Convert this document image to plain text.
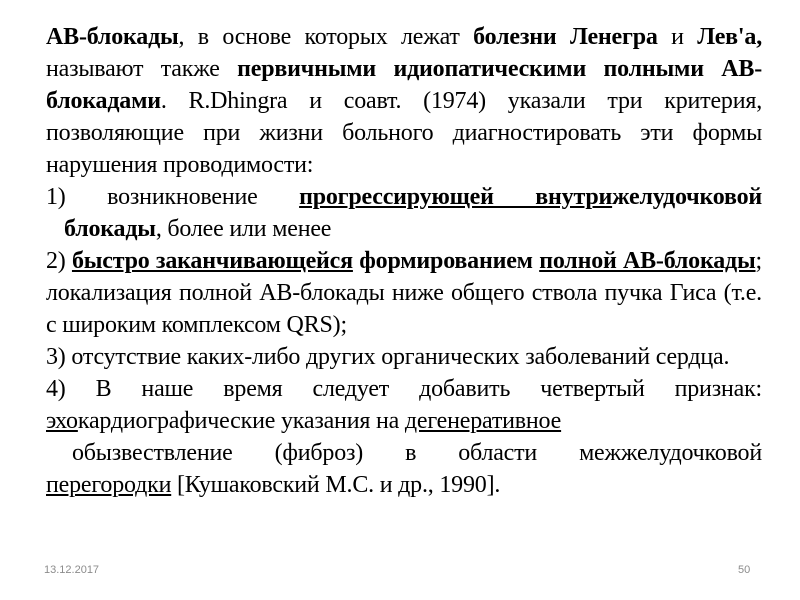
АВ-блокады, в основе которых лежат болезни Ленегра и Лев'а, называют также первичными идиопатическими полными АВ-блокадами. R.Dhingra и соавт. (1974) указали три критерия, позволяющие при жизни больного диагностировать эти формы нарушения проводимости:

1) возникновение прогрессирующей внутрижелудочковой

блокады, более или менее

2) быстро заканчивающейся формированием полной АВ-блокады; локализация полной АВ-блокады ниже общего ствола пучка Гиса (т.е. с широким комплексом QRS);

3) отсутствие каких-либо других органических заболеваний сердца.

4) В наше время следует добавить четвертый признак: эхокардиографические указания на дегенеративное

обызвествление (фиброз) в области межжелудочковой

перегородки [Кушаковский М.С. и др., 1990].

13.12.2017	50
